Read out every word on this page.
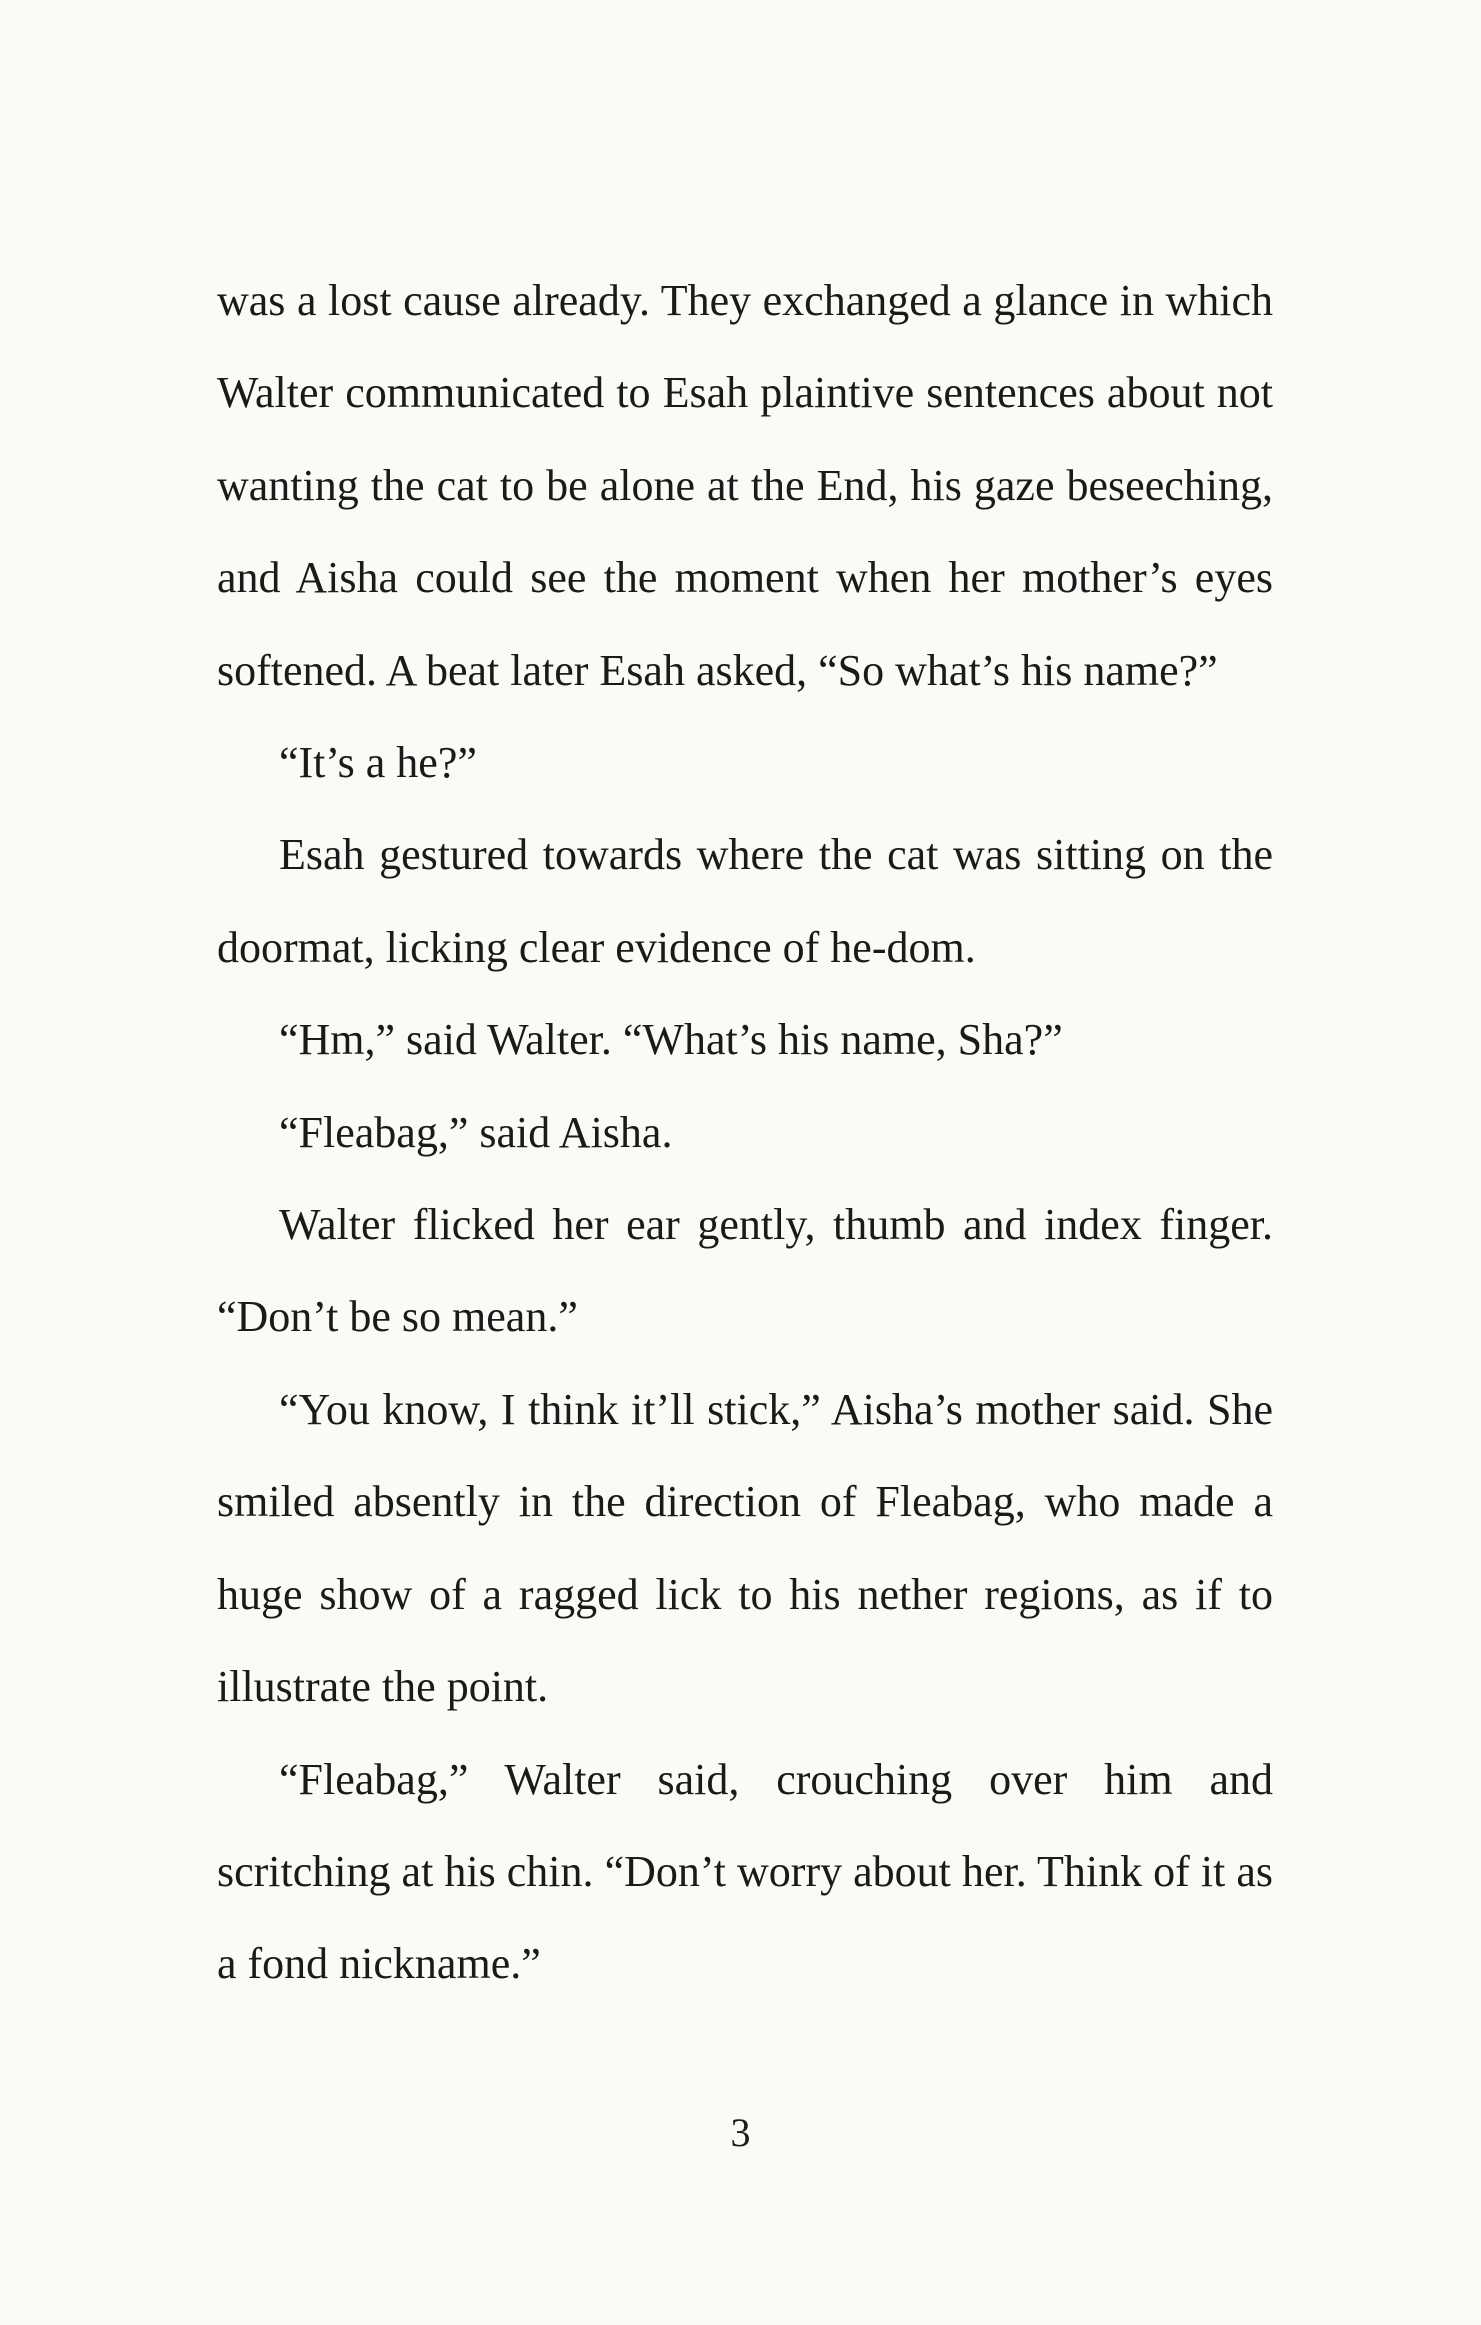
was a lost cause already. They exchanged a glance in which Walter communicated to Esah plaintive sentences about not wanting the cat to be alone at the End, his gaze beseeching, and Aisha could see the moment when her mother’s eyes softened. A beat later Esah asked, “So what’s his name?”

“It’s a he?”

Esah gestured towards where the cat was sitting on the doormat, licking clear evidence of he-dom.

“Hm,” said Walter. “What’s his name, Sha?”

“Fleabag,” said Aisha.

Walter flicked her ear gently, thumb and index finger. “Don’t be so mean.”

“You know, I think it’ll stick,” Aisha’s mother said. She smiled absently in the direction of Fleabag, who made a huge show of a ragged lick to his nether regions, as if to illustrate the point.

“Fleabag,” Walter said, crouching over him and scritching at his chin. “Don’t worry about her. Think of it as a fond nickname.”

3
